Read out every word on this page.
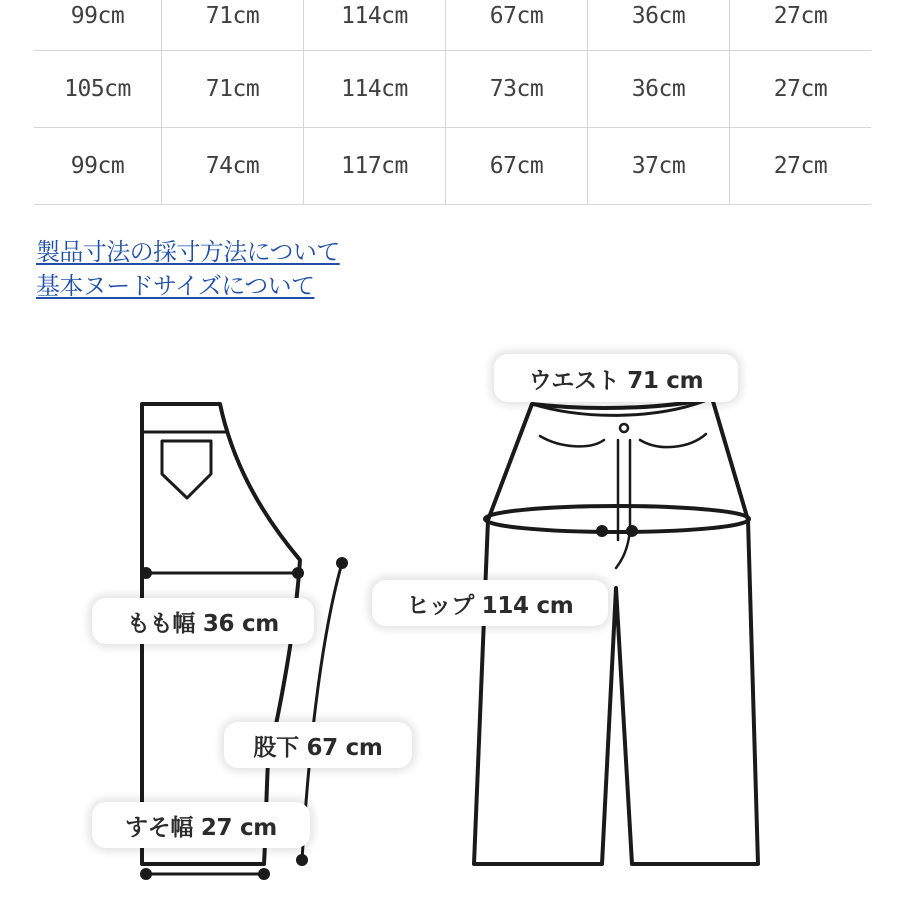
99cm	71cm	114cm	67cm	36cm	27cm
105cm	71cm	114cm	73cm	36cm	27cm
99cm	74cm	117cm	67cm	37cm	27cm
製品寸法の採寸方法について
基本ヌードサイズについて
ウエスト 71 cm
ヒップ 114 cm
もも幅 36 cm
股下 67 cm
すそ幅 27 cm
